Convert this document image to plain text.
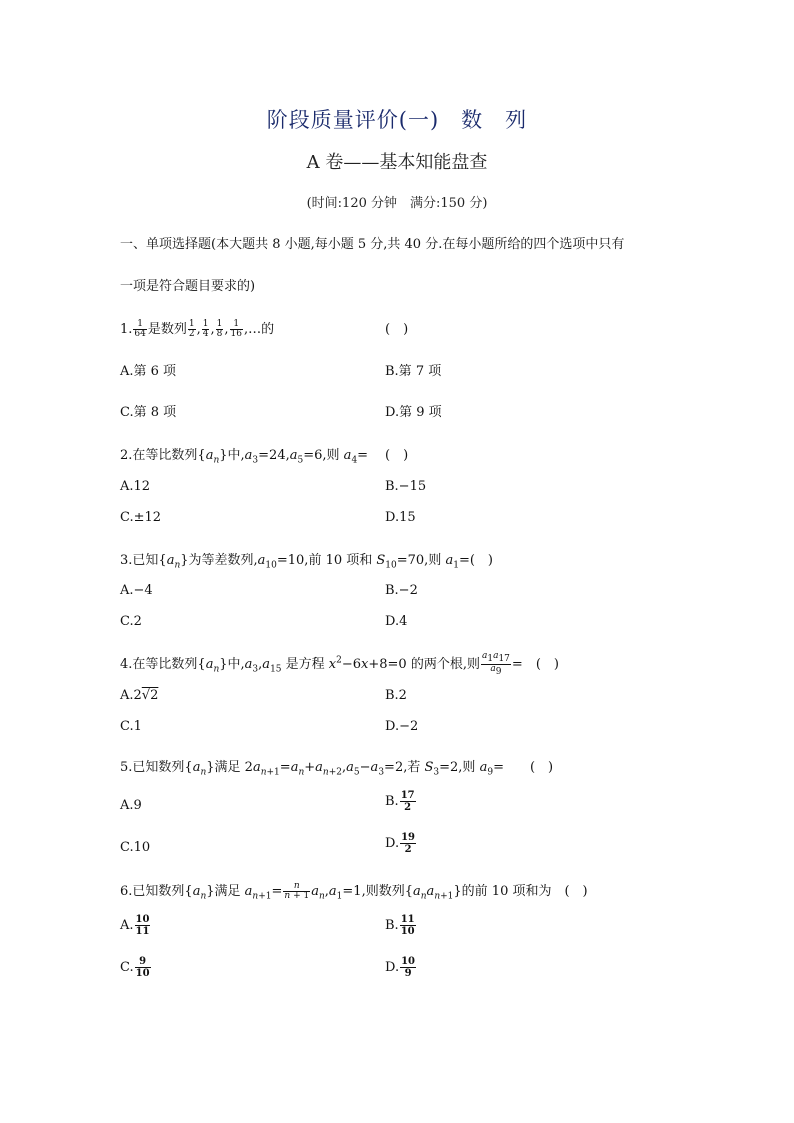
阶段质量评价(一)　数　列
A 卷——基本知能盘查
(时间:120 分钟　满分:150 分)
一、单项选择题(本大题共 8 小题,每小题 5 分,共 40 分.在每小题所给的四个选项中只有
一项是符合题目要求的)
1. $\frac{1}{64}$ 是数列 $\frac{1}{2}$ , $\frac{1}{4}$ , $\frac{1}{8}$ , $\frac{1}{16}$ ,…的	(　)
A.第 6 项	B.第 7 项
C.第 8 项	D.第 9 项
2.在等比数列$\{a_n\}$中$,a_3=24,a_5=6$,则 $a_4=$ (　)
A.12	B.−15
C.±12	D.15
3.已知$\{a_n\}$为等差数列$,a_{10}=10$,前 10 项和 $S_{10}=70$,则 $a_1=$(　)
A.−4	B.−2
C.2	D.4
4.在等比数列$\{a_n\}$中$,a_3,a_{15}$ 是方程 $x^2-6x+8=0$ 的两个根,则 $\frac{a_1a_{17}}{a_9}$ =　(　)
A.2√2	B.2
C.1	D.−2
5.已知数列$\{a_n\}$满足 $2a_{n+1}=a_n+a_{n+2},a_5-a_3=2$,若 $S_3=2$,则 $a_9=$　　(　)
A.9	B. $\frac{17}{2}$
C.10	D. $\frac{19}{2}$
6.已知数列$\{a_n\}$满足 $a_{n+1}= \frac{n}{n + 1} a_n,a_1=1$,则数列$\{a_na_{n+1}\}$的前 10 项和为　(　)
A. $\frac{10}{11}$	B. $\frac{11}{10}$
C. $\frac{9}{10}$	D. $\frac{10}{9}$
